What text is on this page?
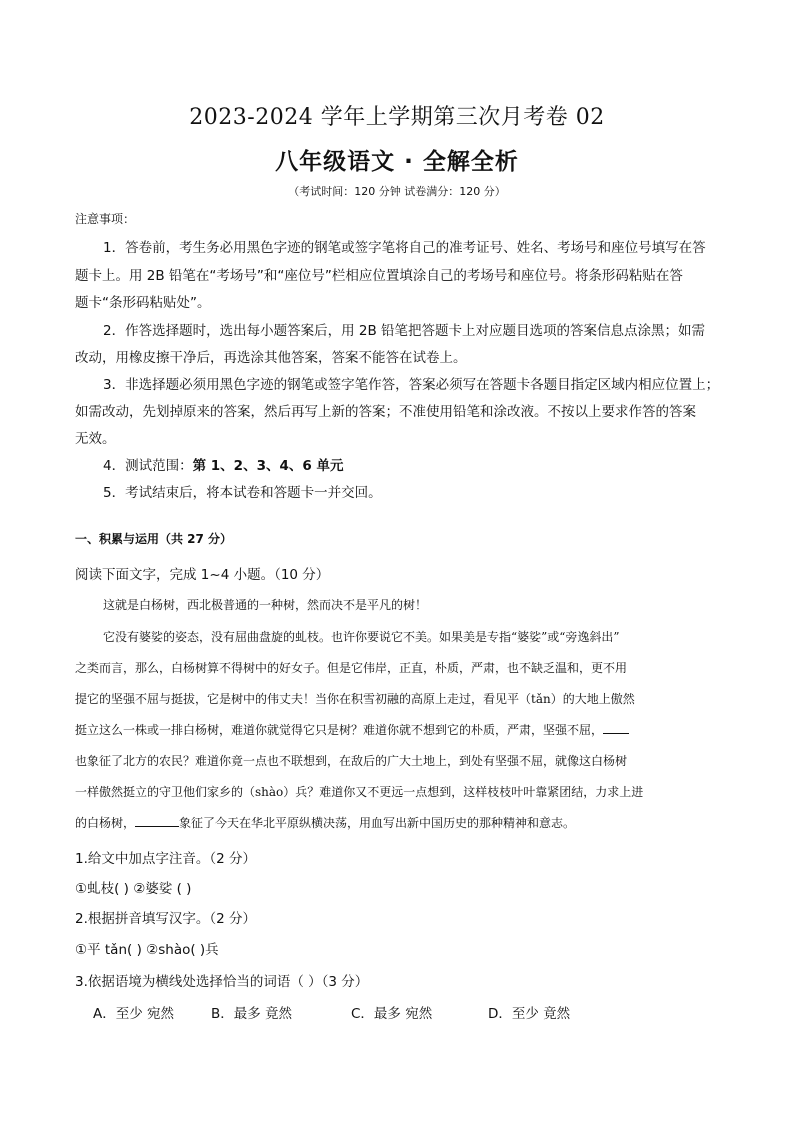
2023-2024 学年上学期第三次月考卷 02
八年级语文 · 全解全析
（考试时间：120 分钟 试卷满分：120 分）
注意事项：
1．答卷前，考生务必用黑色字迹的钢笔或签字笔将自己的准考证号、姓名、考场号和座位号填写在答
题卡上。用 2B 铅笔在“考场号”和“座位号”栏相应位置填涂自己的考场号和座位号。将条形码粘贴在答
题卡“条形码粘贴处”。
2．作答选择题时，选出每小题答案后，用 2B 铅笔把答题卡上对应题目选项的答案信息点涂黑；如需
改动，用橡皮擦干净后，再选涂其他答案，答案不能答在试卷上。
3．非选择题必须用黑色字迹的钢笔或签字笔作答，答案必须写在答题卡各题目指定区域内相应位置上；
如需改动，先划掉原来的答案，然后再写上新的答案；不准使用铅笔和涂改液。不按以上要求作答的答案
无效。
4．测试范围：第 1、2、3、4、6 单元
5．考试结束后，将本试卷和答题卡一并交回。
一、积累与运用（共 27 分）
阅读下面文字，完成 1~4 小题。（10 分）
这就是白杨树，西北极普通的一种树，然而决不是平凡的树！
它没有婆娑的姿态，没有屈曲盘旋的虬枝。也许你要说它不美。如果美是专指“婆娑”或“旁逸斜出”
之类而言，那么，白杨树算不得树中的好女子。但是它伟岸，正直，朴质，严肃，也不缺乏温和，更不用
提它的坚强不屈与挺拔，它是树中的伟丈夫！当你在积雪初融的高原上走过，看见平（tǎn）的大地上傲然
挺立这么一株或一排白杨树，难道你就觉得它只是树？难道你就不想到它的朴质，严肃，坚强不屈，
也象征了北方的农民？难道你竟一点也不联想到，在敌后的广大土地上，到处有坚强不屈，就像这白杨树
一样傲然挺立的守卫他们家乡的（shào）兵？难道你又不更远一点想到，这样枝枝叶叶靠紧团结，力求上进
的白杨树，	象征了今天在华北平原纵横决荡，用血写出新中国历史的那种精神和意志。
1.给文中加点字注音。（2 分）
①虬枝( ) ②婆娑 ( )
2.根据拼音填写汉字。（2 分）
①平 tǎn( ) ②shào( )兵
3.依据语境为横线处选择恰当的词语（ ）（3 分）
A．至少 宛然	B．最多 竟然	C．最多 宛然	D．至少 竟然
